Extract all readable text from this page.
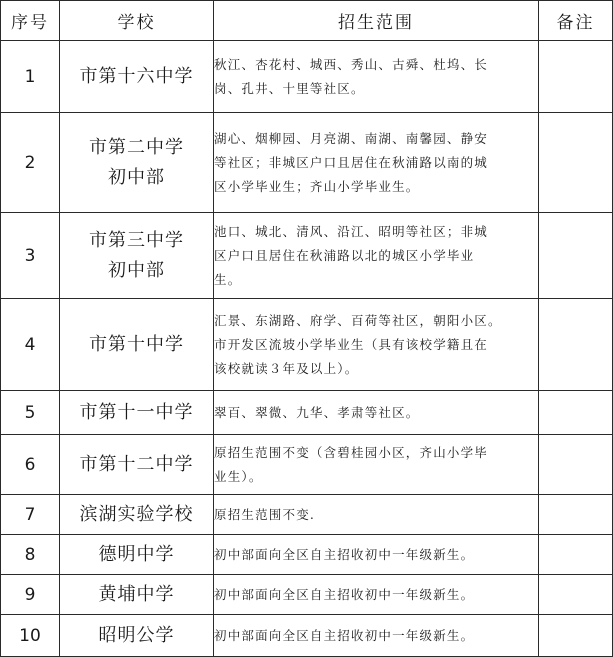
序号	学校	招生范围	备注
1	市第十六中学	秋江、杏花村、城西、秀山、古舜、杜坞、长
岗、孔井、十里等社区。	

2	市第二中学
初中部	湖心、烟柳园、月亮湖、南湖、南馨园、静安
等社区；非城区户口且居住在秋浦路以南的城
区小学毕业生；齐山小学毕业生。	

3	市第三中学
初中部	池口、城北、清风、沿江、昭明等社区；非城
区户口且居住在秋浦路以北的城区小学毕业
生。	

4	市第十中学	汇景、东湖路、府学、百荷等社区，朝阳小区。
市开发区流坡小学毕业生（具有该校学籍且在
该校就读３年及以上）。	

5	市第十一中学	翠百、翠微、九华、孝肃等社区。	

6	市第十二中学	原招生范围不变（含碧桂园小区，齐山小学毕
业生）。	

7	滨湖实验学校	原招生范围不变.	

8	德明中学	初中部面向全区自主招收初中一年级新生。	

9	黄埔中学	初中部面向全区自主招收初中一年级新生。	

10	昭明公学	初中部面向全区自主招收初中一年级新生。	
